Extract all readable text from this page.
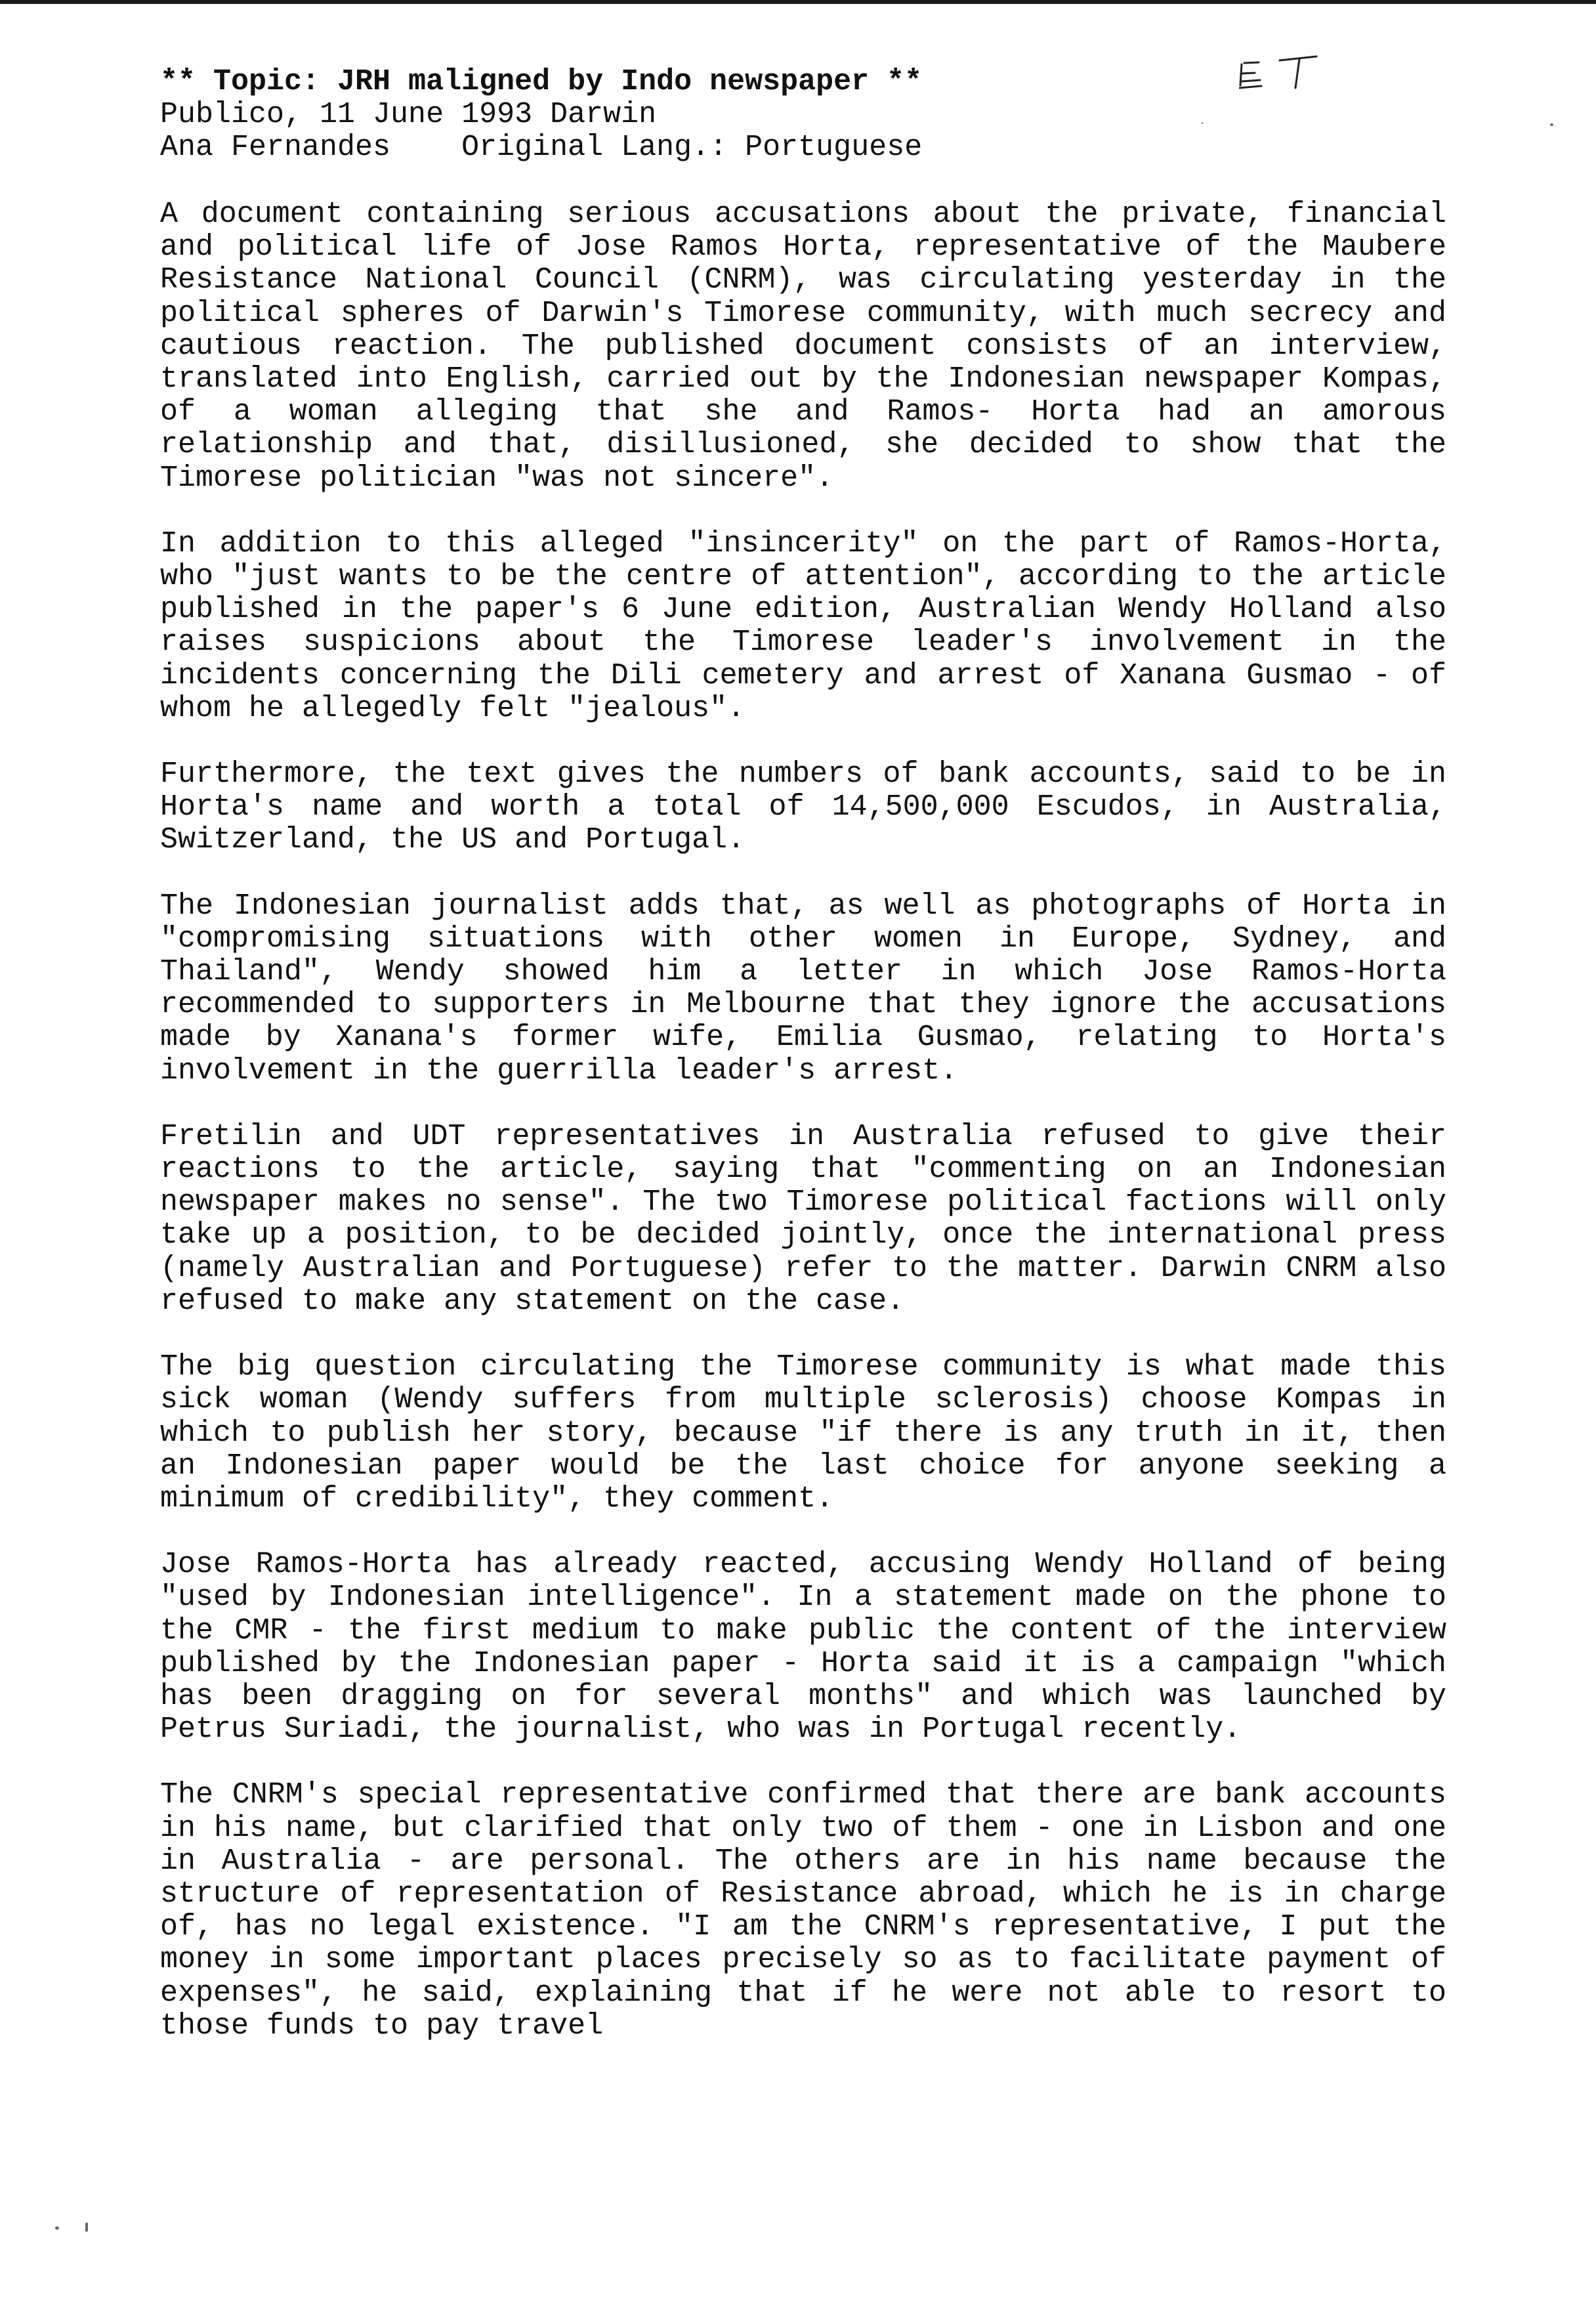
** Topic: JRH maligned by Indo newspaper **
Publico, 11 June 1993 Darwin
Ana Fernandes Original Lang.: Portuguese

A document containing serious accusations about the private, financial and political life of Jose Ramos Horta, representative of the Maubere Resistance National Council (CNRM), was circulating yesterday in the political spheres of Darwin's Timorese community, with much secrecy and cautious reaction. The published document consists of an interview, translated into English, carried out by the Indonesian newspaper Kompas, of a woman alleging that she and Ramos- Horta had an amorous relationship and that, disillusioned, she decided to show that the Timorese politician "was not sincere".

In addition to this alleged "insincerity" on the part of Ramos-Horta, who "just wants to be the centre of attention", according to the article published in the paper's 6 June edition, Australian Wendy Holland also raises suspicions about the Timorese leader's involvement in the incidents concerning the Dili cemetery and arrest of Xanana Gusmao - of whom he allegedly felt "jealous".

Furthermore, the text gives the numbers of bank accounts, said to be in Horta's name and worth a total of 14,500,000 Escudos, in Australia, Switzerland, the US and Portugal.

The Indonesian journalist adds that, as well as photographs of Horta in "compromising situations with other women in Europe, Sydney, and Thailand", Wendy showed him a letter in which Jose Ramos-Horta recommended to supporters in Melbourne that they ignore the accusations made by Xanana's former wife, Emilia Gusmao, relating to Horta's involvement in the guerrilla leader's arrest.

Fretilin and UDT representatives in Australia refused to give their reactions to the article, saying that "commenting on an Indonesian newspaper makes no sense". The two Timorese political factions will only take up a position, to be decided jointly, once the international press (namely Australian and Portuguese) refer to the matter. Darwin CNRM also refused to make any statement on the case.

The big question circulating the Timorese community is what made this sick woman (Wendy suffers from multiple sclerosis) choose Kompas in which to publish her story, because "if there is any truth in it, then an Indonesian paper would be the last choice for anyone seeking a minimum of credibility", they comment.

Jose Ramos-Horta has already reacted, accusing Wendy Holland of being "used by Indonesian intelligence". In a statement made on the phone to the CMR - the first medium to make public the content of the interview published by the Indonesian paper - Horta said it is a campaign "which has been dragging on for several months" and which was launched by Petrus Suriadi, the journalist, who was in Portugal recently.

The CNRM's special representative confirmed that there are bank accounts in his name, but clarified that only two of them - one in Lisbon and one in Australia - are personal. The others are in his name because the structure of representation of Resistance abroad, which he is in charge of, has no legal existence. "I am the CNRM's representative, I put the money in some important places precisely so as to facilitate payment of expenses", he said, explaining that if he were not able to resort to those funds to pay travel
